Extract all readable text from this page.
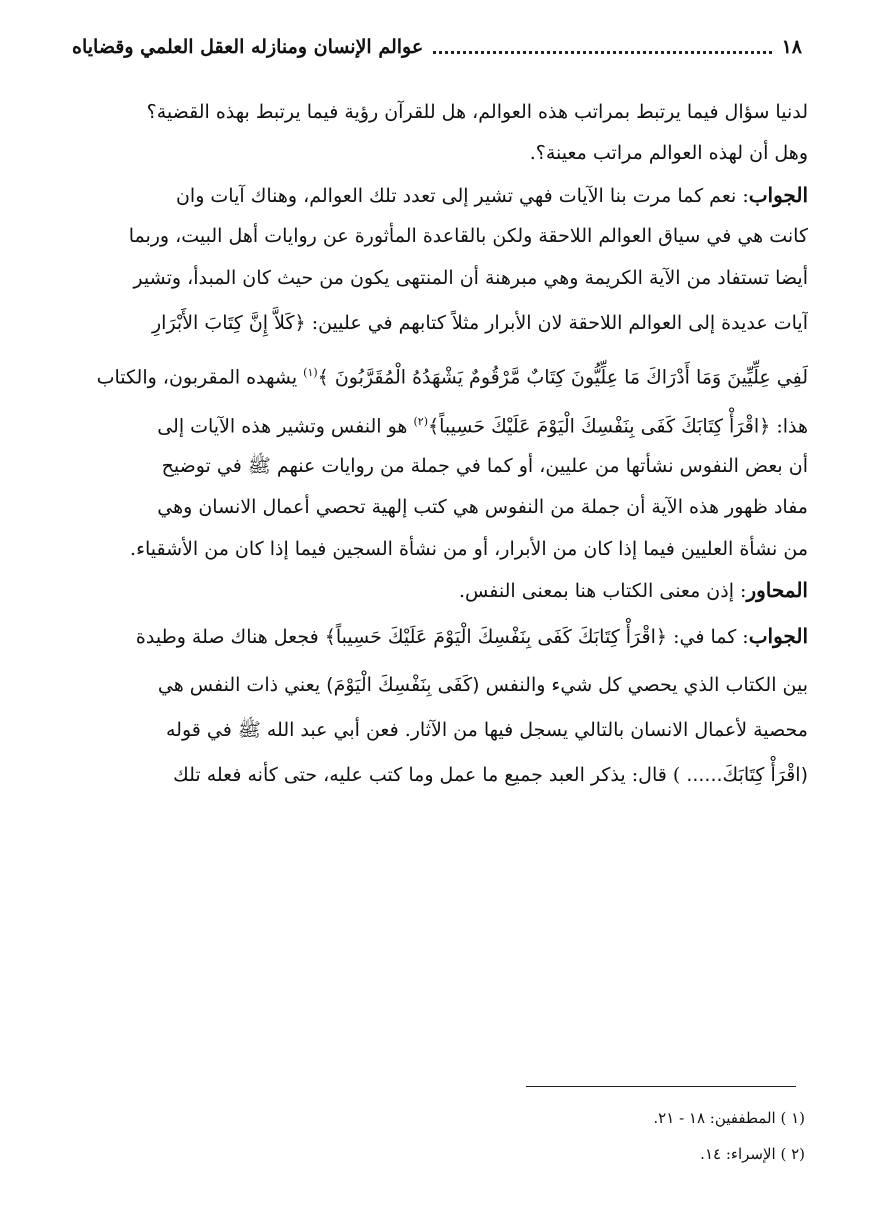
١٨
عوالم الإنسان ومنازله العقل العلمي وقضاياه
لدنيا سؤال فيما يرتبط بمراتب هذه العوالم، هل للقرآن رؤية فيما يرتبط بهذه القضية؟
وهل أن لهذه العوالم مراتب معينة؟.
الجواب: نعم كما مرت بنا الآيات فهي تشير إلى تعدد تلك العوالم، وهناك آيات وان
كانت هي في سياق العوالم اللاحقة ولكن بالقاعدة المأثورة عن روايات أهل البيت، وربما
أيضا تستفاد من الآية الكريمة وهي مبرهنة أن المنتهى يكون من حيث كان المبدأ، وتشير
آيات عديدة إلى العوالم اللاحقة لان الأبرار مثلاً كتابهم في عليين: ﴿كَلاَّ إِنَّ كِتَابَ الأَبْرَارِ
لَفِي عِلِّيِّينَ وَمَا أَدْرَاكَ مَا عِلِّيُّونَ كِتَابٌ مَّرْقُومٌ يَشْهَدُهُ الْمُقَرَّبُونَ ﴾$^{(١)}$ يشهده المقربون، والكتاب
هذا: ﴿اقْرَأْ كِتَابَكَ كَفَى بِنَفْسِكَ الْيَوْمَ عَلَيْكَ حَسِيباً﴾$^{(٢)}$ هو النفس وتشير هذه الآيات إلى
أن بعض النفوس نشأتها من عليين، أو كما في جملة من روايات عنهم ﷺ في توضيح
مفاد ظهور هذه الآية أن جملة من النفوس هي كتب إلهية تحصي أعمال الانسان وهي
من نشأة العليين فيما إذا كان من الأبرار، أو من نشأة السجين فيما إذا كان من الأشقياء.
المحاور: إذن معنى الكتاب هنا بمعنى النفس.
الجواب: كما في: ﴿اقْرَأْ كِتَابَكَ كَفَى بِنَفْسِكَ الْيَوْمَ عَلَيْكَ حَسِيباً﴾ فجعل هناك صلة وطيدة
بين الكتاب الذي يحصي كل شيء والنفس (كَفَى بِنَفْسِكَ الْيَوْمَ) يعني ذات النفس هي
محصية لأعمال الانسان بالتالي يسجل فيها من الآثار. فعن أبي عبد الله ﷺ في قوله
(اقْرَأْ كِتَابَكَ...... ) قال: يذكر العبد جميع ما عمل وما كتب عليه، حتى كأنه فعله تلك
(١ ) المطففين: ١٨ - ٢١.
(٢ ) الإسراء: ١٤.
